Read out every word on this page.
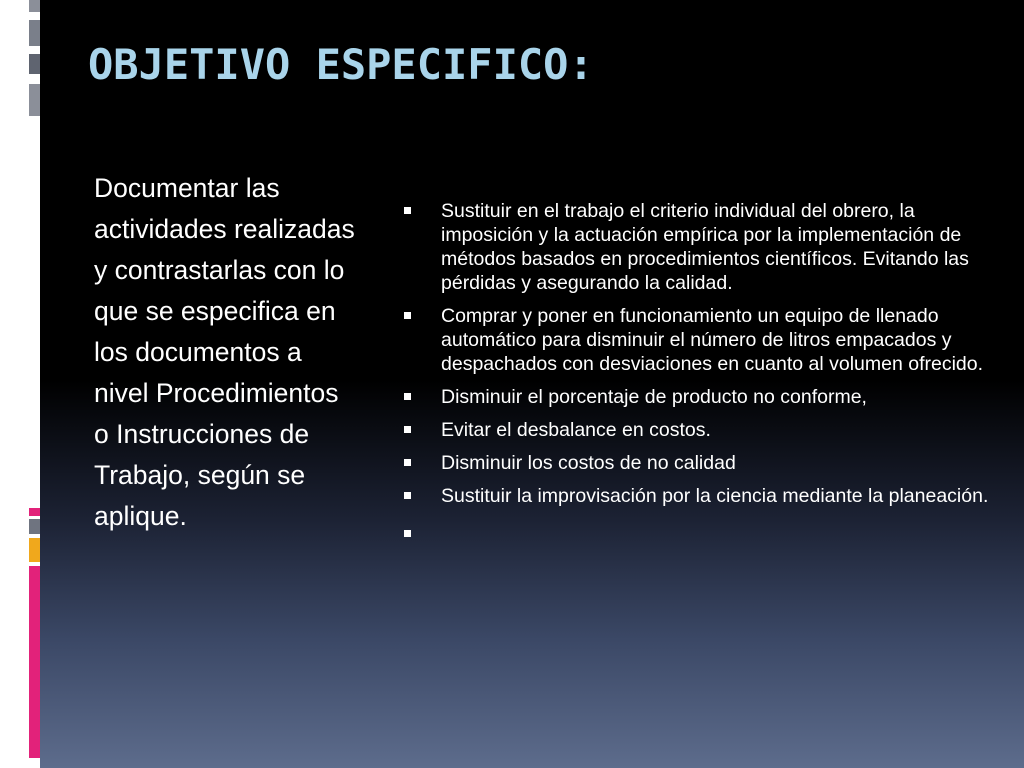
OBJETIVO ESPECIFICO:

Documentar las actividades realizadas y contrastarlas con lo que se especifica en los documentos a nivel Procedimientos o Instrucciones de Trabajo, según se aplique.

Sustituir en el trabajo el criterio individual del obrero, la imposición y la actuación empírica por la implementación de métodos basados en procedimientos científicos. Evitando las pérdidas y asegurando la calidad.
Comprar y poner en funcionamiento un equipo de llenado automático para disminuir el número de litros empacados y despachados con desviaciones en cuanto al volumen ofrecido.
Disminuir el porcentaje de producto no conforme,
Evitar el desbalance en costos.
Disminuir los costos de no calidad
Sustituir la improvisación por la ciencia mediante la planeación.
